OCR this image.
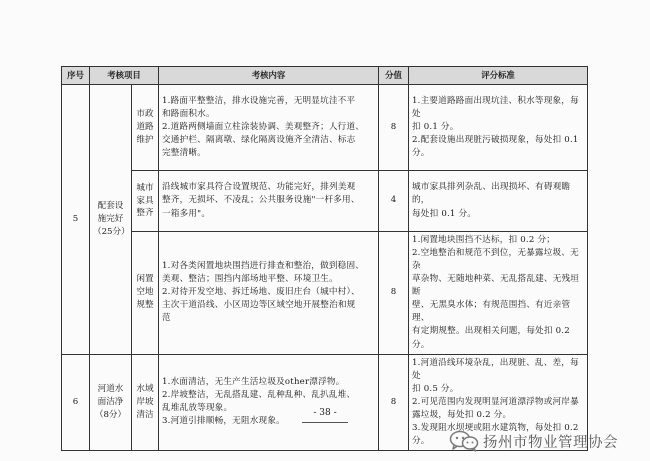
序号	考核项目		考核内容	分值	评分标准
5	配套设
施完好
（25分）	市政
道路
维护	1.路面平整整洁，排水设施完善，无明显坑洼不平
和路面积水。
2.道路两侧墙面立柱涂装协调、美观整齐；人行道、
交通护栏、隔离墩、绿化隔离设施齐全清洁、标志
完整清晰。	8	1.主要道路路面出现坑洼、积水等现象，每处
扣 0.1 分。
2.配套设施出现脏污破损现象，每处扣 0.1 分。

		城市
家具
整齐	沿线城市家具符合设置规范、功能完好，排列美观
整齐，无损坏、不凌乱；公共服务设施"一杆多用、
一箱多用"。	4	城市家具排列杂乱、出现损坏、有碍观瞻的，
每处扣 0.1 分。

		闲置
空地
规整	1.对各类闲置地块围挡进行排查和整治，做到稳固、
美观、整洁；围挡内部场地平整、环境卫生。
2.对待开发空地、拆迁场地、废旧庄台（城中村）、
主次干道沿线、小区周边等区域空地开展整治和规
范	8	1.闲置地块围挡不达标，扣 0.2 分；
2.空地整治和规范不到位，无暴露垃圾、无杂
草杂物、无随地种菜、无乱搭乱建、无残垣断
壁、无黑臭水体；有规范围挡、有近亲管理、
有定期规整。出现相关问题，每处扣 0.2 分。

6	河道水
面洁净
（8分）	水域
岸坡
清洁	1.水面清洁，无生产生活垃圾及other漂浮物。
2.岸坡整洁，无乱搭乱建、乱种乱种、乱扒乱堆、
乱堆乱放等现象。
3.河道引排顺畅，无阻水现象。	8	1.河道沿线环境杂乱，出现脏、乱、差，每处
扣 0.5 分。
2.可见范围内发现明显河道漂浮物或河岸暴
露垃圾，每处扣 0.2 分。
3.发现阻水坝埂或阻水建筑物，每处扣 0.2 分。
- 38 -
扬州市物业管理协会
